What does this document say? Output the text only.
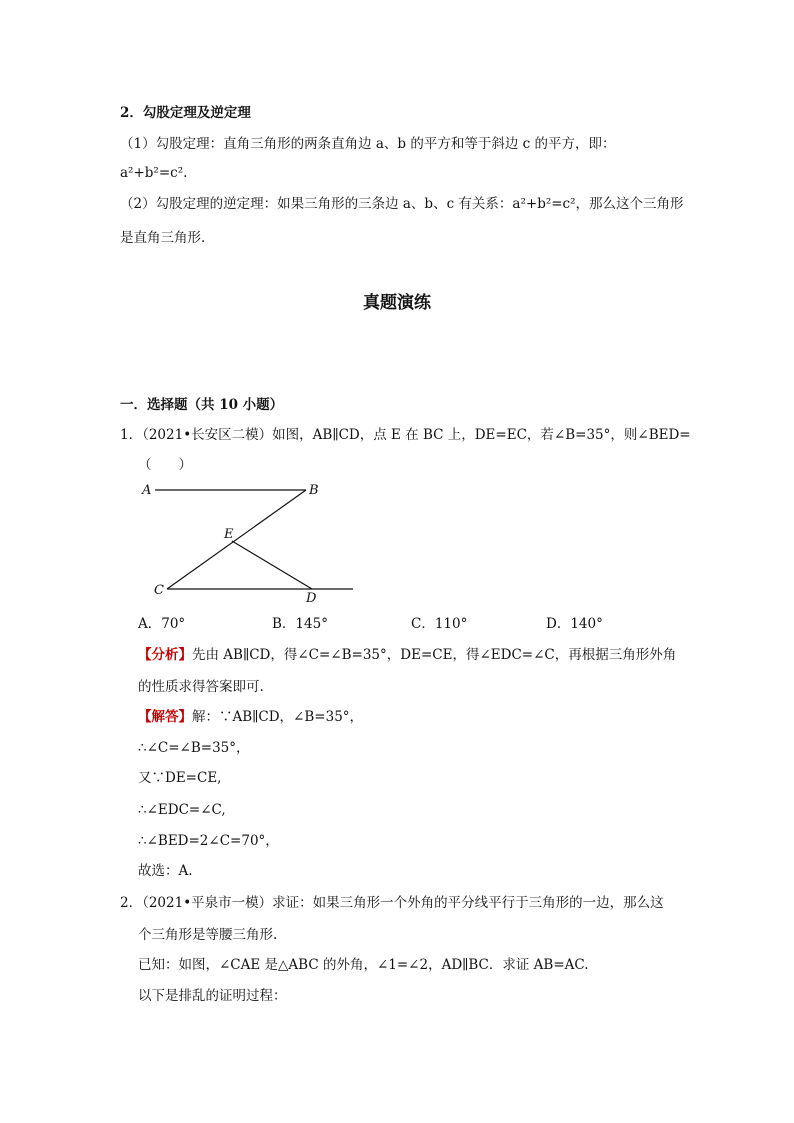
2．勾股定理及逆定理
（1）勾股定理：直角三角形的两条直角边 a、b 的平方和等于斜边 c 的平方，即：
a²+b²=c².
（2）勾股定理的逆定理：如果三角形的三条边 a、b、c 有关系：a²+b²=c²，那么这个三角形
是直角三角形.
真题演练
一．选择题（共 10 小题）
1．（2021•长安区二模）如图，AB∥CD，点 E 在 BC 上，DE=EC，若∠B=35°，则∠BED=
（　　）
A	B
E
C
D
A．70°	B．145°	C．110°	D．140°
【分析】先由 AB∥CD，得∠C=∠B=35°，DE=CE，得∠EDC=∠C，再根据三角形外角
的性质求得答案即可.
【解答】解：∵AB∥CD，∠B=35°，
∴∠C=∠B=35°，
又∵DE=CE,
∴∠EDC=∠C,
∴∠BED=2∠C=70°，
故选：A.
2．（2021•平泉市一模）求证：如果三角形一个外角的平分线平行于三角形的一边，那么这
个三角形是等腰三角形.
已知：如图，∠CAE 是△ABC 的外角，∠1=∠2，AD∥BC．求证 AB=AC.
以下是排乱的证明过程：
